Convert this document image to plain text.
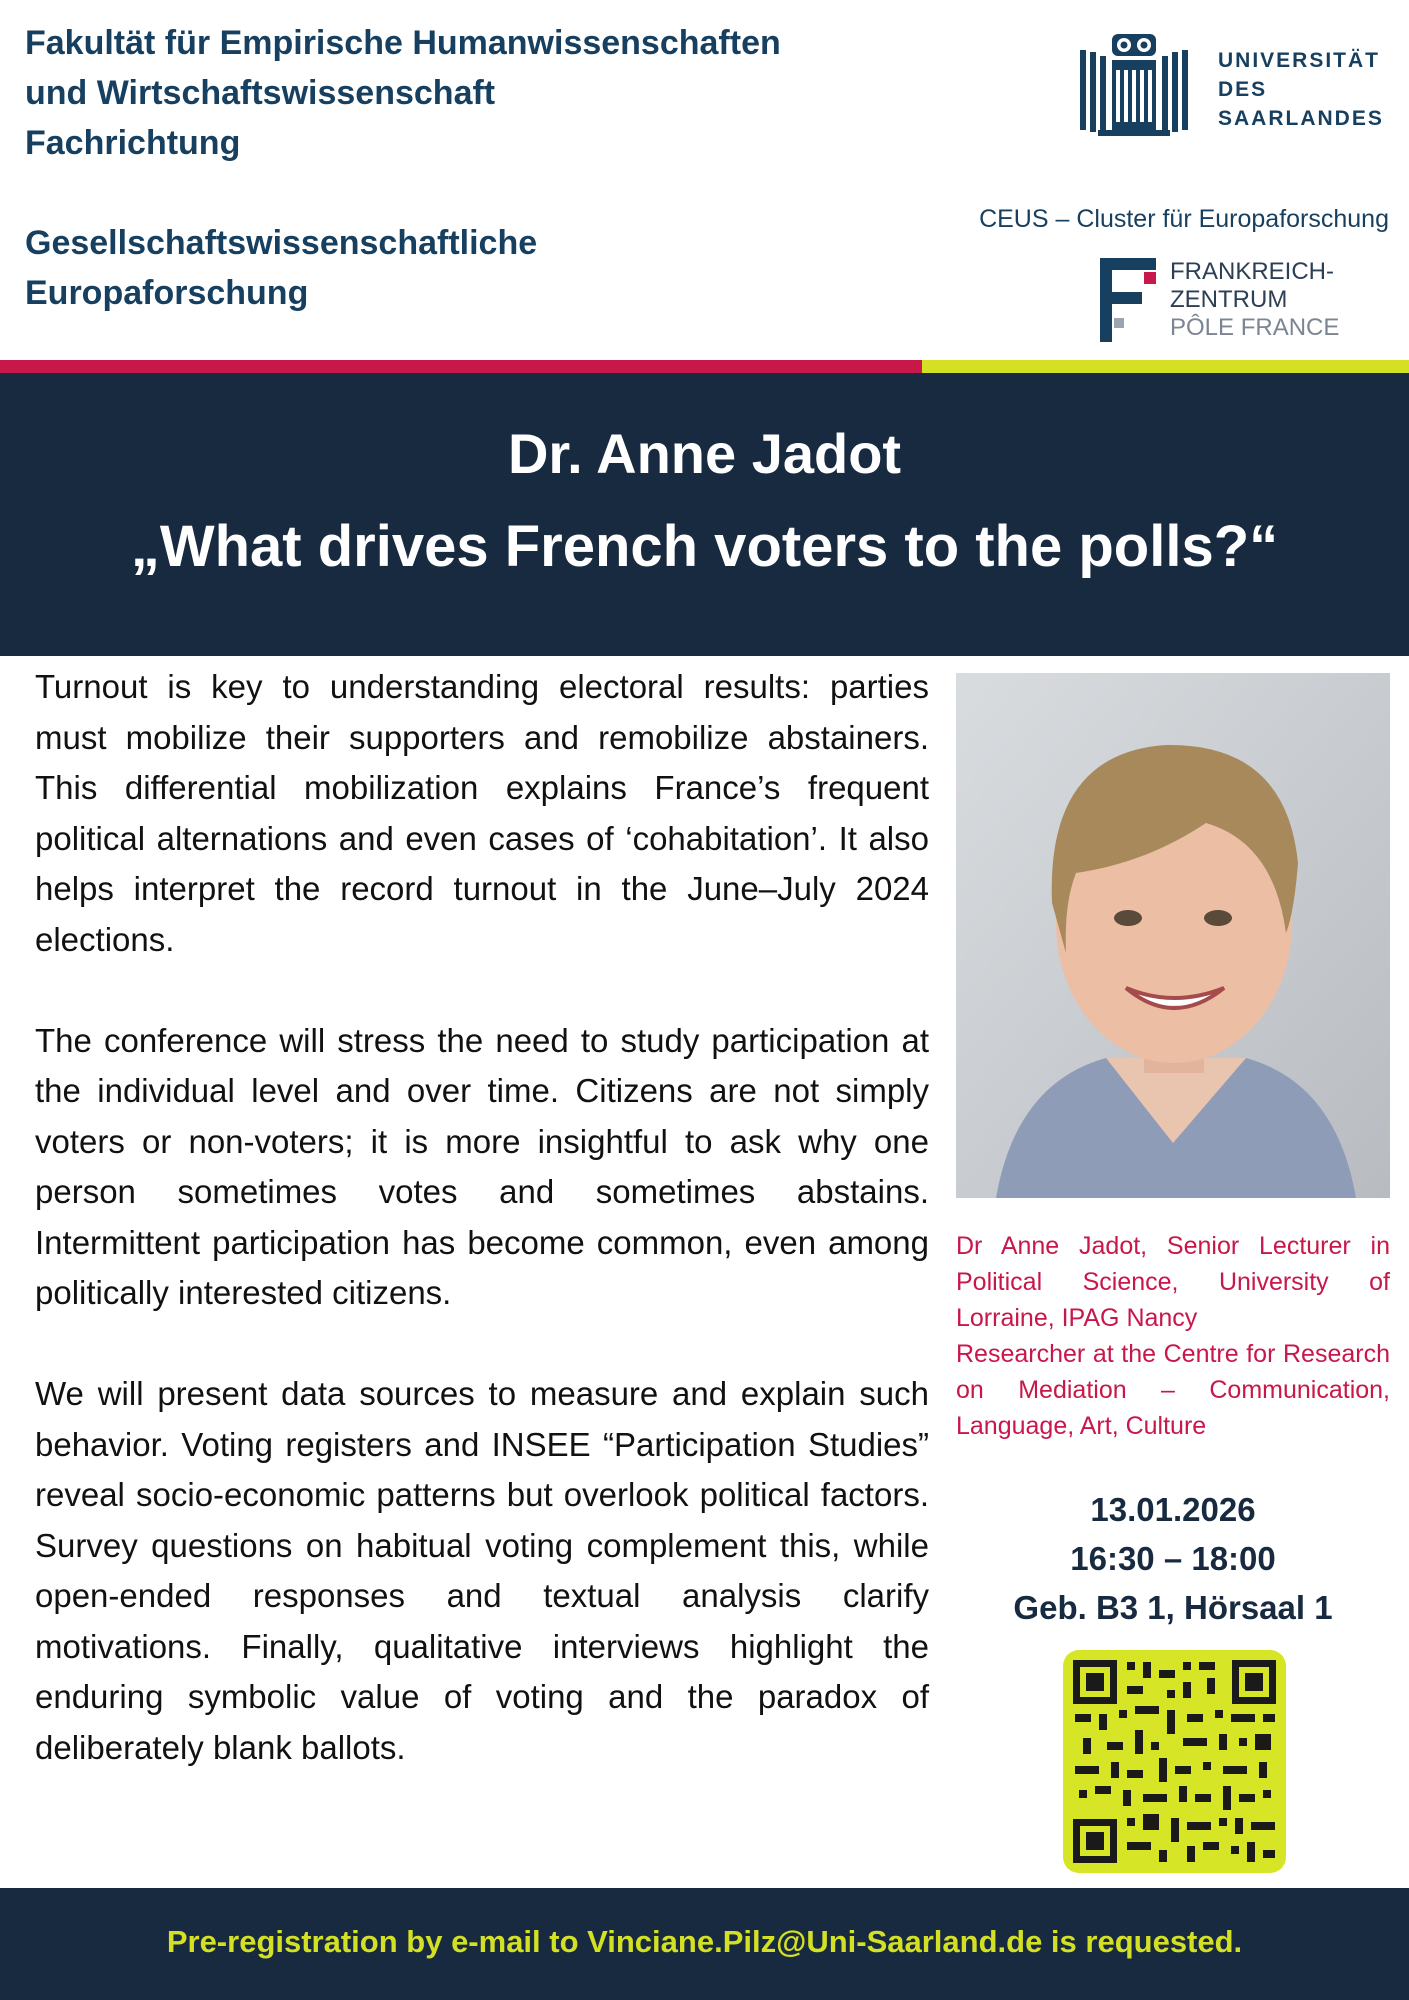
Fakultät für Empirische Humanwissenschaften
und Wirtschaftswissenschaft
Fachrichtung
Gesellschaftswissenschaftliche
Europaforschung
UNIVERSITÄT
DES
SAARLANDES
CEUS – Cluster für Europaforschung
FRANKREICH-
ZENTRUM
PÔLE FRANCE
Dr. Anne Jadot
„What drives French voters to the polls?“

Turnout is key to understanding electoral results: parties must mobilize their supporters and remobilize abstainers. This differential mobilization explains France’s frequent political alternations and even cases of ‘cohabitation’. It also helps interpret the record turnout in the June–July 2024 elections.

The conference will stress the need to study participation at the individual level and over time. Citizens are not simply voters or non-voters; it is more insightful to ask why one person sometimes votes and sometimes abstains. Intermittent participation has become common, even among politically interested citizens.

We will present data sources to measure and explain such behavior. Voting registers and INSEE “Participation Studies” reveal socio-economic patterns but overlook political factors. Survey questions on habitual voting complement this, while open-ended responses and textual analysis clarify motivations. Finally, qualitative interviews highlight the enduring symbolic value of voting and the paradox of deliberately blank ballots.

Dr Anne Jadot, Senior Lecturer in Political Science, University of Lorraine, IPAG Nancy

Researcher at the Centre for Research on Mediation – Communication, Language, Art, Culture

13.01.2026
16:30 – 18:00
Geb. B3 1, Hörsaal 1
Pre-registration by e-mail to Vinciane.Pilz@Uni-Saarland.de is requested.
